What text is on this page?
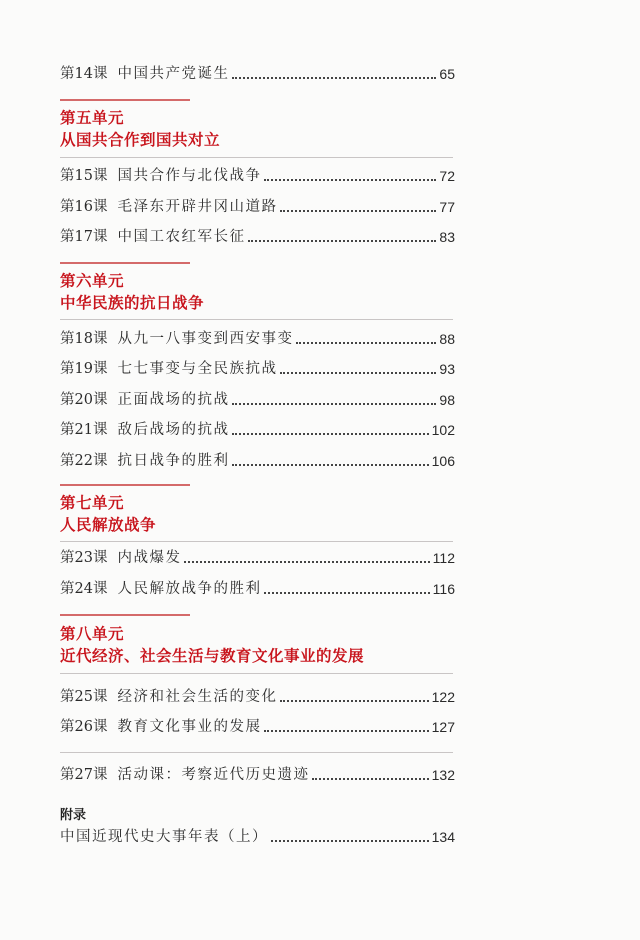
第14课 中国共产党诞生	65
第五单元
从国共合作到国共对立
第15课 国共合作与北伐战争	72
第16课 毛泽东开辟井冈山道路	77
第17课 中国工农红军长征	83
第六单元
中华民族的抗日战争
第18课 从九一八事变到西安事变	88
第19课 七七事变与全民族抗战	93
第20课 正面战场的抗战	98
第21课 敌后战场的抗战	102
第22课 抗日战争的胜利	106
第七单元
人民解放战争
第23课 内战爆发	112
第24课 人民解放战争的胜利	116
第八单元
近代经济、社会生活与教育文化事业的发展
第25课 经济和社会生活的变化	122
第26课 教育文化事业的发展	127
第27课 活动课：考察近代历史遗迹	132
附录
中国近现代史大事年表（上）	134
